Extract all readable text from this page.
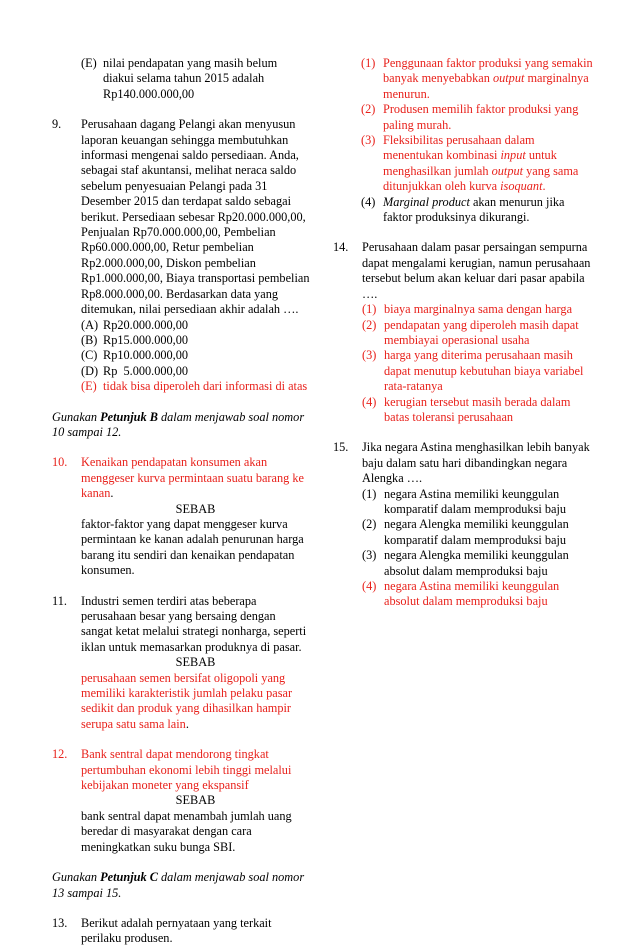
(E) nilai pendapatan yang masih belum diakui selama tahun 2015 adalah Rp140.000.000,00
9.	Perusahaan dagang Pelangi akan menyusun laporan keuangan sehingga membutuhkan informasi mengenai saldo persediaan. Anda, sebagai staf akuntansi, melihat neraca saldo sebelum penyesuaian Pelangi pada 31 Desember 2015 dan terdapat saldo sebagai berikut. Persediaan sebesar Rp20.000.000,00, Penjualan Rp70.000.000,00, Pembelian Rp60.000.000,00, Retur pembelian Rp2.000.000,00, Diskon pembelian Rp1.000.000,00, Biaya transportasi pembelian Rp8.000.000,00. Berdasarkan data yang ditemukan, nilai persediaan akhir adalah ….
(A) Rp20.000.000,00
(B) Rp15.000.000,00
(C) Rp10.000.000,00
(D) Rp  5.000.000,00
(E) tidak bisa diperoleh dari informasi di atas
Gunakan Petunjuk B dalam menjawab soal nomor 10 sampai 12.
10.	Kenaikan pendapatan konsumen akan menggeser kurva permintaan suatu barang ke kanan.
SEBAB
faktor-faktor yang dapat menggeser kurva permintaan ke kanan adalah penurunan harga barang itu sendiri dan kenaikan pendapatan konsumen.
11.	Industri semen terdiri atas beberapa perusahaan besar yang bersaing dengan sangat ketat melalui strategi nonharga, seperti iklan untuk memasarkan produknya di pasar.
SEBAB
perusahaan semen bersifat oligopoli yang memiliki karakteristik jumlah pelaku pasar sedikit dan produk yang dihasilkan hampir serupa satu sama lain.
12.	Bank sentral dapat mendorong tingkat pertumbuhan ekonomi lebih tinggi melalui kebijakan moneter yang ekspansif
SEBAB
bank sentral dapat menambah jumlah uang beredar di masyarakat dengan cara meningkatkan suku bunga SBI.
Gunakan Petunjuk C dalam menjawab soal nomor 13 sampai 15.
13.	Berikut adalah pernyataan yang terkait perilaku produsen.
(1) Penggunaan faktor produksi yang semakin banyak menyebabkan output marginalnya menurun.
(2) Produsen memilih faktor produksi yang paling murah.
(3) Fleksibilitas perusahaan dalam menentukan kombinasi input untuk menghasilkan jumlah output yang sama ditunjukkan oleh kurva isoquant.
(4) Marginal product akan menurun jika faktor produksinya dikurangi.
14.	Perusahaan dalam pasar persaingan sempurna dapat mengalami kerugian, namun perusahaan tersebut belum akan keluar dari pasar apabila ….
(1) biaya marginalnya sama dengan harga
(2) pendapatan yang diperoleh masih dapat membiayai operasional usaha
(3) harga yang diterima perusahaan masih dapat menutup kebutuhan biaya variabel rata-ratanya
(4) kerugian tersebut masih berada dalam batas toleransi perusahaan
15.	Jika negara Astina menghasilkan lebih banyak baju dalam satu hari dibandingkan negara Alengka ….
(1) negara Astina memiliki keunggulan komparatif dalam memproduksi baju
(2) negara Alengka memiliki keunggulan komparatif dalam memproduksi baju
(3) negara Alengka memiliki keunggulan absolut dalam memproduksi baju
(4) negara Astina memiliki keunggulan absolut dalam memproduksi baju
